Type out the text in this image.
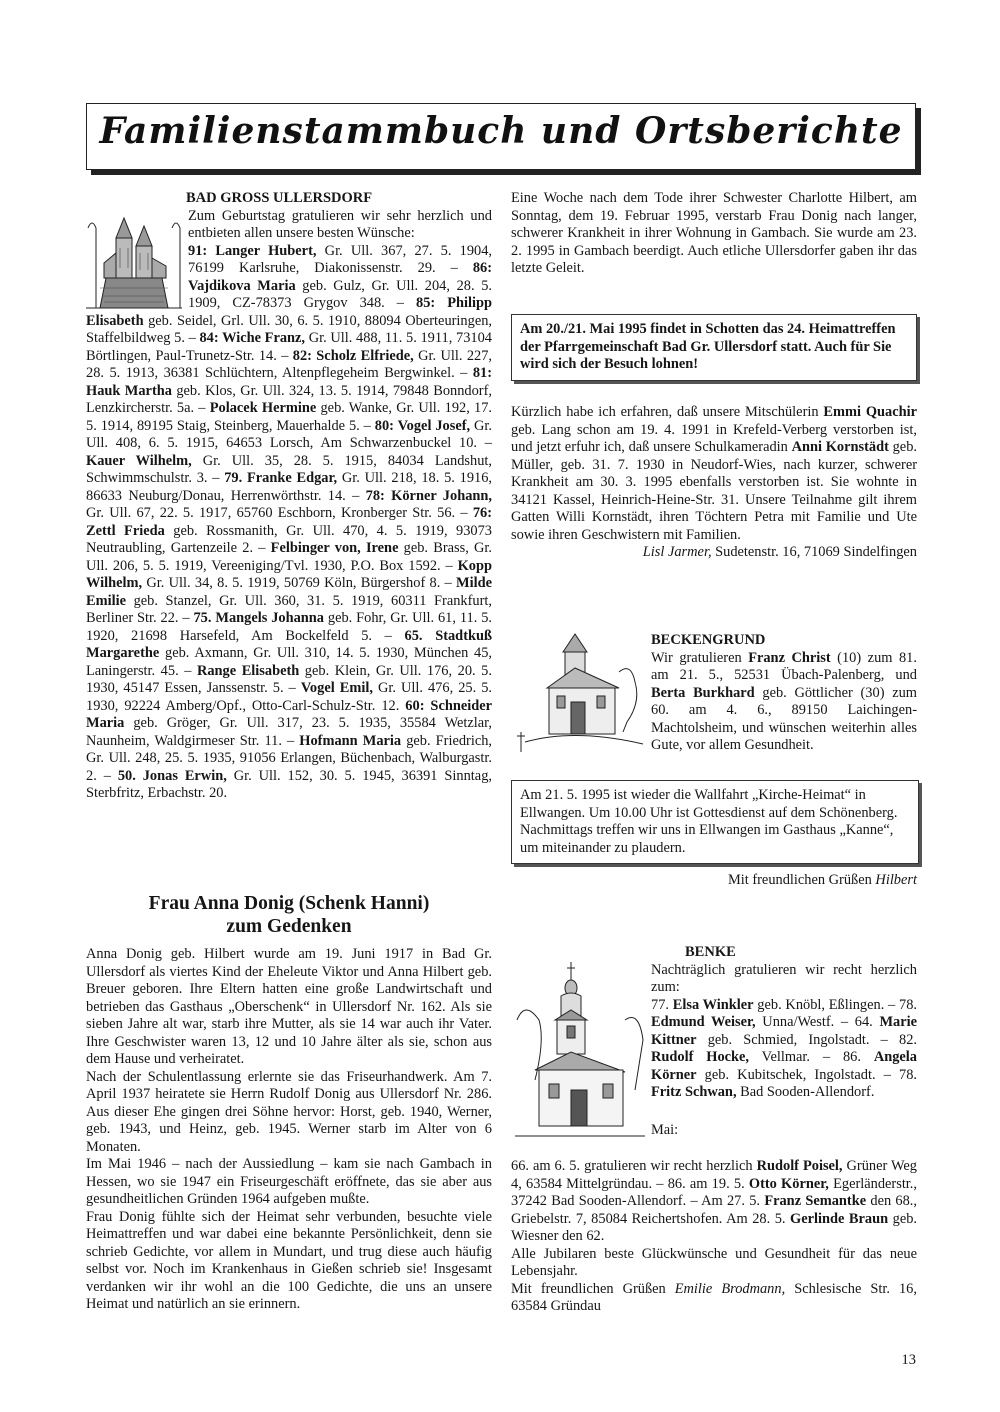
Familienstammbuch und Ortsberichte
BAD GROSS ULLERSDORF

Zum Geburtstag gratulieren wir sehr herzlich und entbieten allen unsere besten Wünsche:

91: Langer Hubert, Gr. Ull. 367, 27. 5. 1904, 76199 Karlsruhe, Diakonissenstr. 29. – 86: Vajdikova Maria geb. Gulz, Gr. Ull. 204, 28. 5. 1909, CZ-78373 Grygov 348. – 85: Philipp Elisabeth geb. Seidel, Grl. Ull. 30, 6. 5. 1910, 88094 Oberteuringen, Staffelbildweg 5. – 84: Wiche Franz, Gr. Ull. 488, 11. 5. 1911, 73104 Börtlingen, Paul-Trunetz-Str. 14. – 82: Scholz Elfriede, Gr. Ull. 227, 28. 5. 1913, 36381 Schlüchtern, Altenpflegeheim Bergwinkel. – 81: Hauk Martha geb. Klos, Gr. Ull. 324, 13. 5. 1914, 79848 Bonndorf, Lenzkircherstr. 5a. – Polacek Hermine geb. Wanke, Gr. Ull. 192, 17. 5. 1914, 89195 Staig, Steinberg, Mauerhalde 5. – 80: Vogel Josef, Gr. Ull. 408, 6. 5. 1915, 64653 Lorsch, Am Schwarzenbuckel 10. – Kauer Wilhelm, Gr. Ull. 35, 28. 5. 1915, 84034 Landshut, Schwimmschulstr. 3. – 79. Franke Edgar, Gr. Ull. 218, 18. 5. 1916, 86633 Neuburg/Donau, Herrenwörthstr. 14. – 78: Körner Johann, Gr. Ull. 67, 22. 5. 1917, 65760 Eschborn, Kronberger Str. 56. – 76: Zettl Frieda geb. Rossmanith, Gr. Ull. 470, 4. 5. 1919, 93073 Neutraubling, Gartenzeile 2. – Felbinger von, Irene geb. Brass, Gr. Ull. 206, 5. 5. 1919, Vereeniging/Tvl. 1930, P.O. Box 1592. – Kopp Wilhelm, Gr. Ull. 34, 8. 5. 1919, 50769 Köln, Bürgershof 8. – Milde Emilie geb. Stanzel, Gr. Ull. 360, 31. 5. 1919, 60311 Frankfurt, Berliner Str. 22. – 75. Mangels Johanna geb. Fohr, Gr. Ull. 61, 11. 5. 1920, 21698 Harsefeld, Am Bockelfeld 5. – 65. Stadtkuß Margarethe geb. Axmann, Gr. Ull. 310, 14. 5. 1930, München 45, Laningerstr. 45. – Range Elisabeth geb. Klein, Gr. Ull. 176, 20. 5. 1930, 45147 Essen, Janssenstr. 5. – Vogel Emil, Gr. Ull. 476, 25. 5. 1930, 92224 Amberg/Opf., Otto-Carl-Schulz-Str. 12. 60: Schneider Maria geb. Gröger, Gr. Ull. 317, 23. 5. 1935, 35584 Wetzlar, Naunheim, Waldgirmeser Str. 11. – Hofmann Maria geb. Friedrich, Gr. Ull. 248, 25. 5. 1935, 91056 Erlangen, Büchenbach, Walburgastr. 2. – 50. Jonas Erwin, Gr. Ull. 152, 30. 5. 1945, 36391 Sinntag, Sterbfritz, Erbachstr. 20.
Frau Anna Donig (Schenk Hanni) zum Gedenken

Anna Donig geb. Hilbert wurde am 19. Juni 1917 in Bad Gr. Ullersdorf als viertes Kind der Eheleute Viktor und Anna Hilbert geb. Breuer geboren. Ihre Eltern hatten eine große Landwirtschaft und betrieben das Gasthaus „Oberschenk“ in Ullersdorf Nr. 162. Als sie sieben Jahre alt war, starb ihre Mutter, als sie 14 war auch ihr Vater. Ihre Geschwister waren 13, 12 und 10 Jahre älter als sie, schon aus dem Hause und verheiratet.

Nach der Schulentlassung erlernte sie das Friseurhandwerk. Am 7. April 1937 heiratete sie Herrn Rudolf Donig aus Ullersdorf Nr. 286. Aus dieser Ehe gingen drei Söhne hervor: Horst, geb. 1940, Werner, geb. 1943, und Heinz, geb. 1945. Werner starb im Alter von 6 Monaten.

Im Mai 1946 – nach der Aussiedlung – kam sie nach Gambach in Hessen, wo sie 1947 ein Friseurgeschäft eröffnete, das sie aber aus gesundheitlichen Gründen 1964 aufgeben mußte.

Frau Donig fühlte sich der Heimat sehr verbunden, besuchte viele Heimattreffen und war dabei eine bekannte Persönlichkeit, denn sie schrieb Gedichte, vor allem in Mundart, und trug diese auch häufig selbst vor. Noch im Krankenhaus in Gießen schrieb sie! Insgesamt verdanken wir ihr wohl an die 100 Gedichte, die uns an unsere Heimat und natürlich an sie erinnern.

Eine Woche nach dem Tode ihrer Schwester Charlotte Hilbert, am Sonntag, dem 19. Februar 1995, verstarb Frau Donig nach langer, schwerer Krankheit in ihrer Wohnung in Gambach. Sie wurde am 23. 2. 1995 in Gambach beerdigt. Auch etliche Ullersdorfer gaben ihr das letzte Geleit.

Am 20./21. Mai 1995 findet in Schotten das 24. Heimattreffen der Pfarrgemeinschaft Bad Gr. Ullersdorf statt. Auch für Sie wird sich der Besuch lohnen!

Kürzlich habe ich erfahren, daß unsere Mitschülerin Emmi Quachir geb. Lang schon am 19. 4. 1991 in Krefeld-Verberg verstorben ist, und jetzt erfuhr ich, daß unsere Schulkameradin Anni Kornstädt geb. Müller, geb. 31. 7. 1930 in Neudorf-Wies, nach kurzer, schwerer Krankheit am 30. 3. 1995 ebenfalls verstorben ist. Sie wohnte in 34121 Kassel, Heinrich-Heine-Str. 31. Unsere Teilnahme gilt ihrem Gatten Willi Kornstädt, ihren Töchtern Petra mit Familie und Ute sowie ihren Geschwistern mit Familien.

Lisl Jarmer, Sudetenstr. 16, 71069 Sindelfingen

BECKENGRUND

Wir gratulieren Franz Christ (10) zum 81. am 21. 5., 52531 Übach-Palenberg, und Berta Burkhard geb. Göttlicher (30) zum 60. am 4. 6., 89150 Laichingen-Machtolsheim, und wünschen weiterhin alles Gute, vor allem Gesundheit.

Am 21. 5. 1995 ist wieder die Wallfahrt „Kirche-Heimat“ in Ellwangen. Um 10.00 Uhr ist Gottesdienst auf dem Schönenberg. Nachmittags treffen wir uns in Ellwangen im Gasthaus „Kanne“, um miteinander zu plaudern.
Mit freundlichen Grüßen Hilbert
BENKE

Nachträglich gratulieren wir recht herzlich zum:

77. Elsa Winkler geb. Knöbl, Eßlingen. – 78. Edmund Weiser, Unna/Westf. – 64. Marie Kittner geb. Schmied, Ingolstadt. – 82. Rudolf Hocke, Vellmar. – 86. Angela Körner geb. Kubitschek, Ingolstadt. – 78. Fritz Schwan, Bad Sooden-Allendorf.

Mai:

66. am 6. 5. gratulieren wir recht herzlich Rudolf Poisel, Grüner Weg 4, 63584 Mittelgründau. – 86. am 19. 5. Otto Körner, Egerländerstr., 37242 Bad Sooden-Allendorf. – Am 27. 5. Franz Semantke den 68., Griebelstr. 7, 85084 Reichertshofen. Am 28. 5. Gerlinde Braun geb. Wiesner den 62.

Alle Jubilaren beste Glückwünsche und Gesundheit für das neue Lebensjahr.

Mit freundlichen Grüßen Emilie Brodmann, Schlesische Str. 16, 63584 Gründau

13
